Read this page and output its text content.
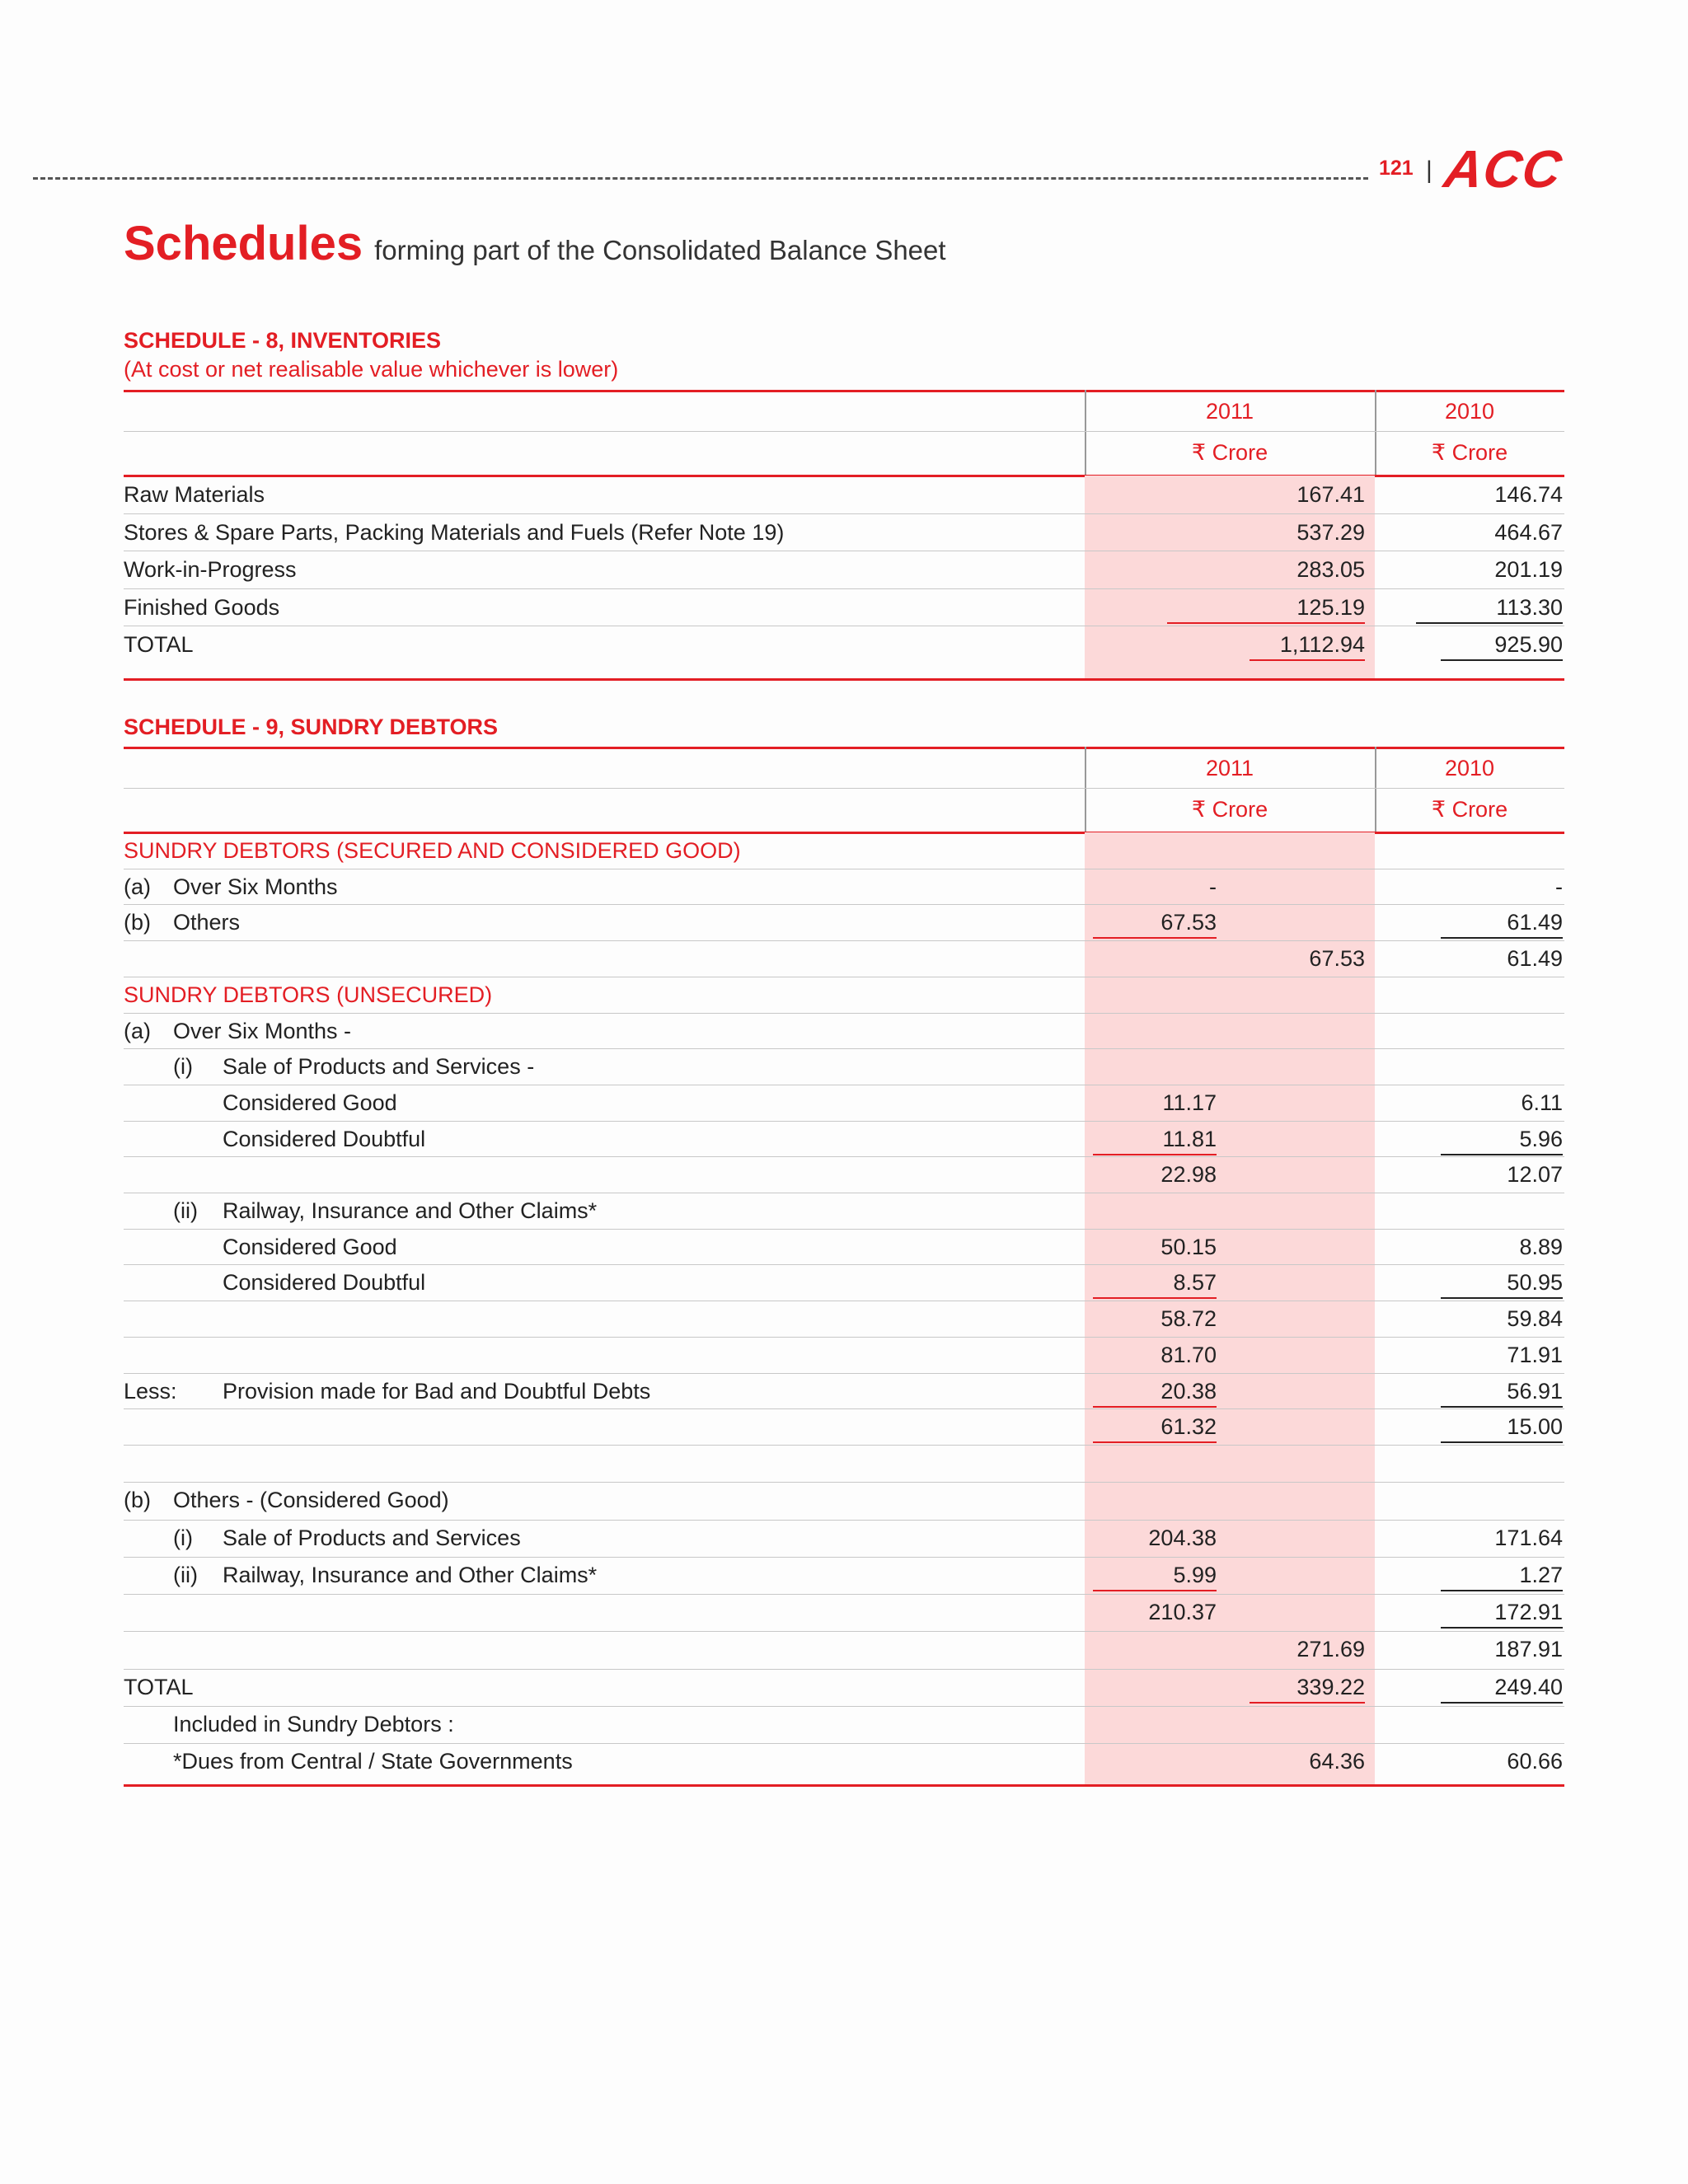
121 | ACC
Schedules forming part of the Consolidated Balance Sheet
SCHEDULE - 8, INVENTORIES
(At cost or net realisable value whichever is lower)
2011	2010
₹ Crore	₹ Crore
Raw Materials	167.41	146.74
Stores & Spare Parts, Packing Materials and Fuels (Refer Note 19)	537.29	464.67
Work-in-Progress	283.05	201.19
Finished Goods	125.19	113.30
TOTAL	1,112.94	925.90
SCHEDULE - 9, SUNDRY DEBTORS
2011	2010
₹ Crore	₹ Crore
SUNDRY DEBTORS (SECURED AND CONSIDERED GOOD)
(a) Over Six Months	-	-
(b) Others	67.53	61.49
67.53	61.49
SUNDRY DEBTORS (UNSECURED)
(a) Over Six Months -
(i) Sale of Products and Services -
Considered Good	11.17	6.11
Considered Doubtful	11.81	5.96
22.98	12.07
(ii) Railway, Insurance and Other Claims*
Considered Good	50.15	8.89
Considered Doubtful	8.57	50.95
58.72	59.84
81.70	71.91
Less: Provision made for Bad and Doubtful Debts	20.38	56.91
61.32	15.00
(b) Others - (Considered Good)
(i) Sale of Products and Services	204.38	171.64
(ii) Railway, Insurance and Other Claims*	5.99	1.27
210.37	172.91
271.69	187.91
TOTAL	339.22	249.40
Included in Sundry Debtors :
*Dues from Central / State Governments	64.36	60.66
